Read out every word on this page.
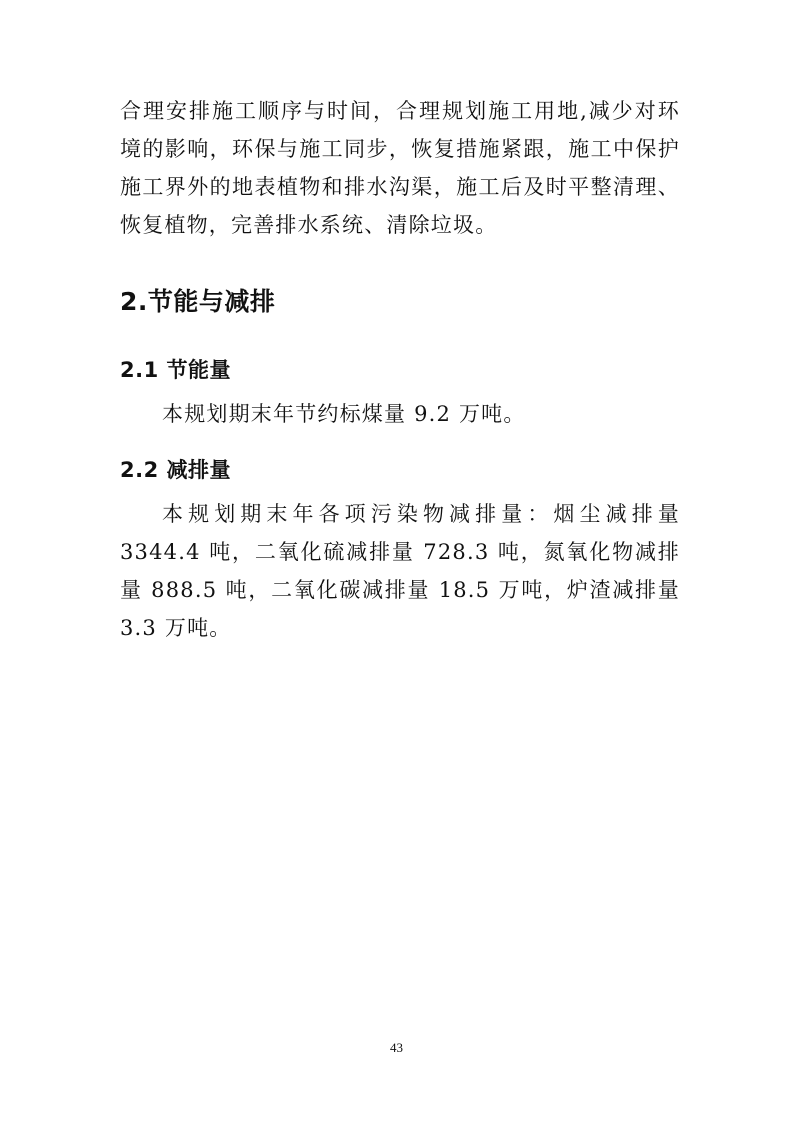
合理安排施工顺序与时间，合理规划施工用地,减少对环境的影响，环保与施工同步，恢复措施紧跟，施工中保护施工界外的地表植物和排水沟渠，施工后及时平整清理、恢复植物，完善排水系统、清除垃圾。

2.节能与减排
2.1 节能量

本规划期末年节约标煤量 9.2 万吨。

2.2 减排量

本规划期末年各项污染物减排量：烟尘减排量 3344.4 吨，二氧化硫减排量 728.3 吨，氮氧化物减排量 888.5 吨，二氧化碳减排量 18.5 万吨，炉渣减排量 3.3 万吨。

43
